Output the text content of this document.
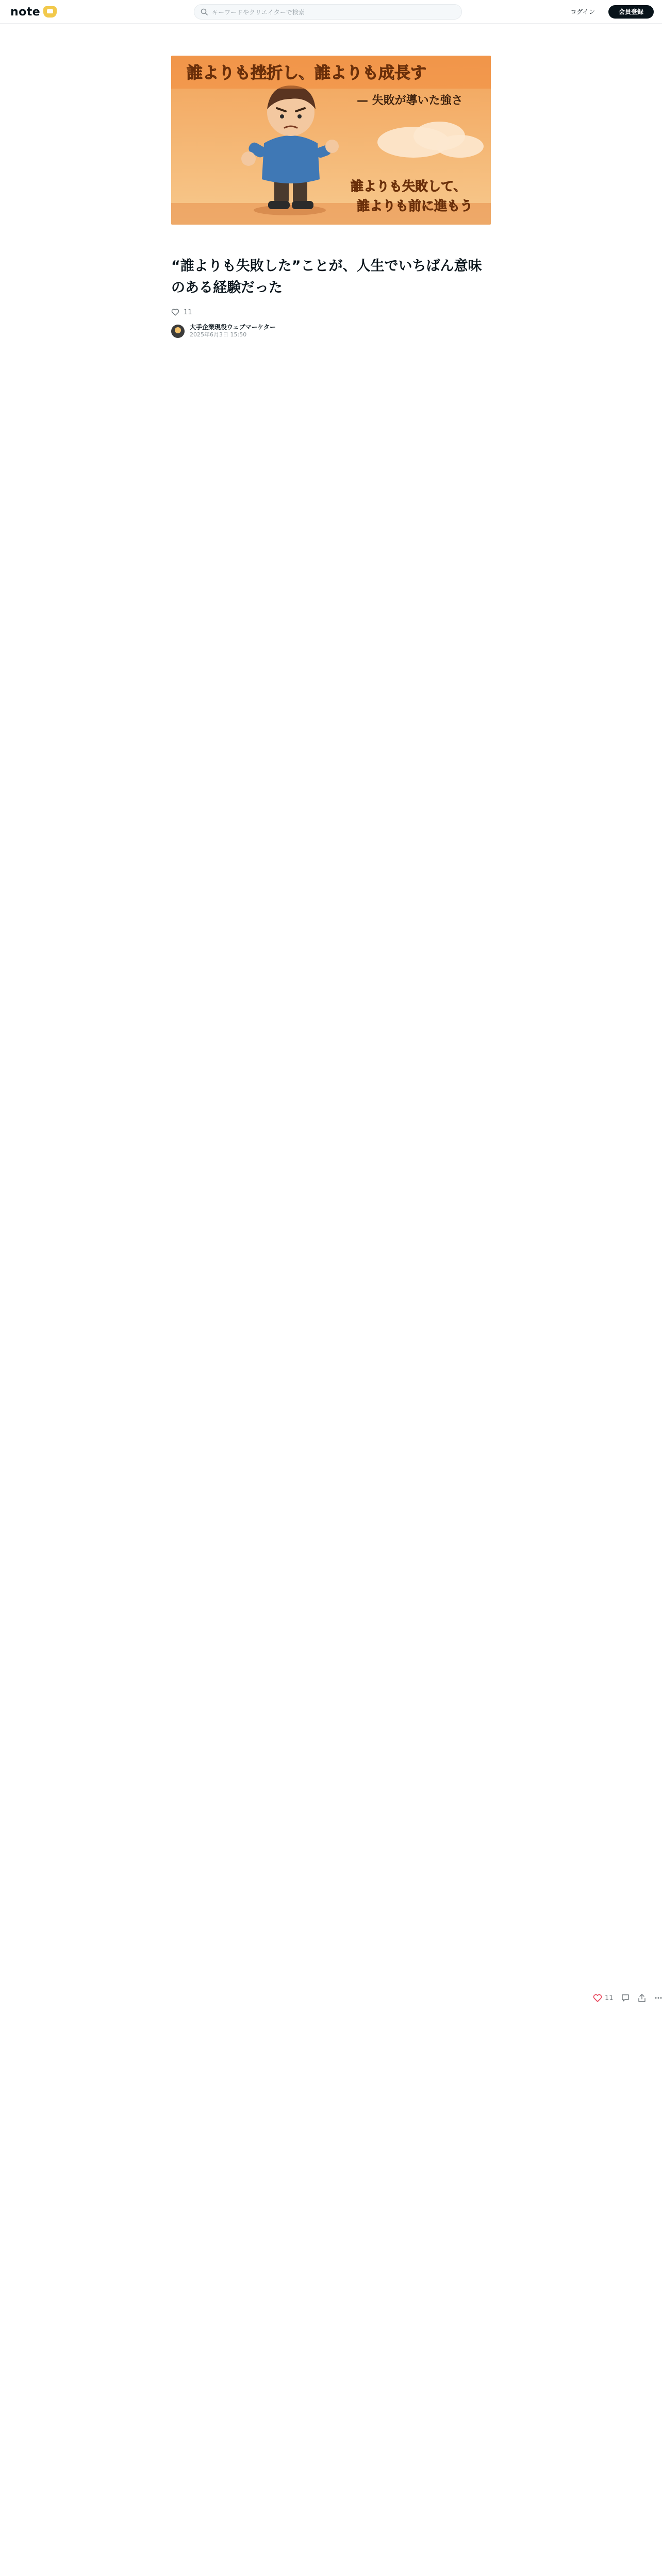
note
キーワードやクリエイターで検索	ログイン	会員登録
誰よりも挫折し、誰よりも成長す
— 失敗が導いた強さ
誰よりも失敗して、
誰よりも前に進もう
“誰よりも失敗した”ことが、人生でいちばん意味のある経験だった
11
大手企業現役ウェブマーケター
2025年6月3日 15:50
11
